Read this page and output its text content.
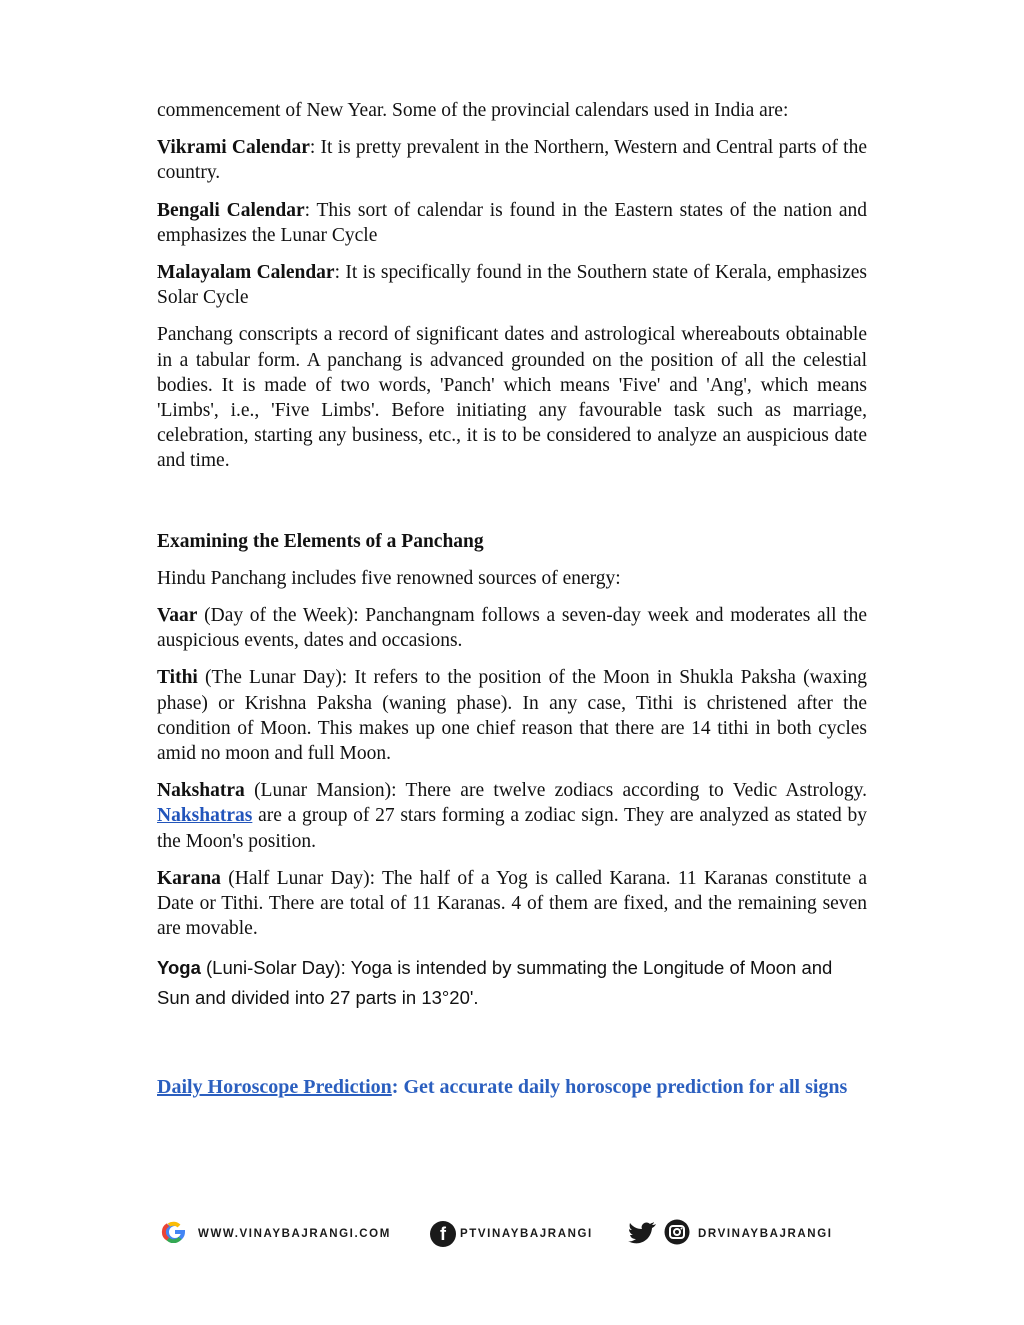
commencement of New Year. Some of the provincial calendars used in India are:

Vikrami Calendar: It is pretty prevalent in the Northern, Western and Central parts of the country.

Bengali Calendar: This sort of calendar is found in the Eastern states of the nation and emphasizes the Lunar Cycle

Malayalam Calendar: It is specifically found in the Southern state of Kerala, emphasizes Solar Cycle

Panchang conscripts a record of significant dates and astrological whereabouts obtainable in a tabular form. A panchang is advanced grounded on the position of all the celestial bodies. It is made of two words, 'Panch' which means 'Five' and 'Ang', which means 'Limbs', i.e., 'Five Limbs'. Before initiating any favourable task such as marriage, celebration, starting any business, etc., it is to be considered to analyze an auspicious date and time.

Examining the Elements of a Panchang

Hindu Panchang includes five renowned sources of energy:

Vaar (Day of the Week): Panchangnam follows a seven-day week and moderates all the auspicious events, dates and occasions.

Tithi (The Lunar Day): It refers to the position of the Moon in Shukla Paksha (waxing phase) or Krishna Paksha (waning phase). In any case, Tithi is christened after the condition of Moon. This makes up one chief reason that there are 14 tithi in both cycles amid no moon and full Moon.

Nakshatra (Lunar Mansion): There are twelve zodiacs according to Vedic Astrology. Nakshatras are a group of 27 stars forming a zodiac sign. They are analyzed as stated by the Moon's position.

Karana (Half Lunar Day): The half of a Yog is called Karana. 11 Karanas constitute a Date or Tithi. There are total of 11 Karanas. 4 of them are fixed, and the remaining seven are movable.

Yoga (Luni-Solar Day): Yoga is intended by summating the Longitude of Moon and Sun and divided into 27 parts in 13°20'.

Daily Horoscope Prediction: Get accurate daily horoscope prediction for all signs

WWW.VINAYBAJRANGI.COM	f	PTVINAYBAJRANGI	DRVINAYBAJRANGI
